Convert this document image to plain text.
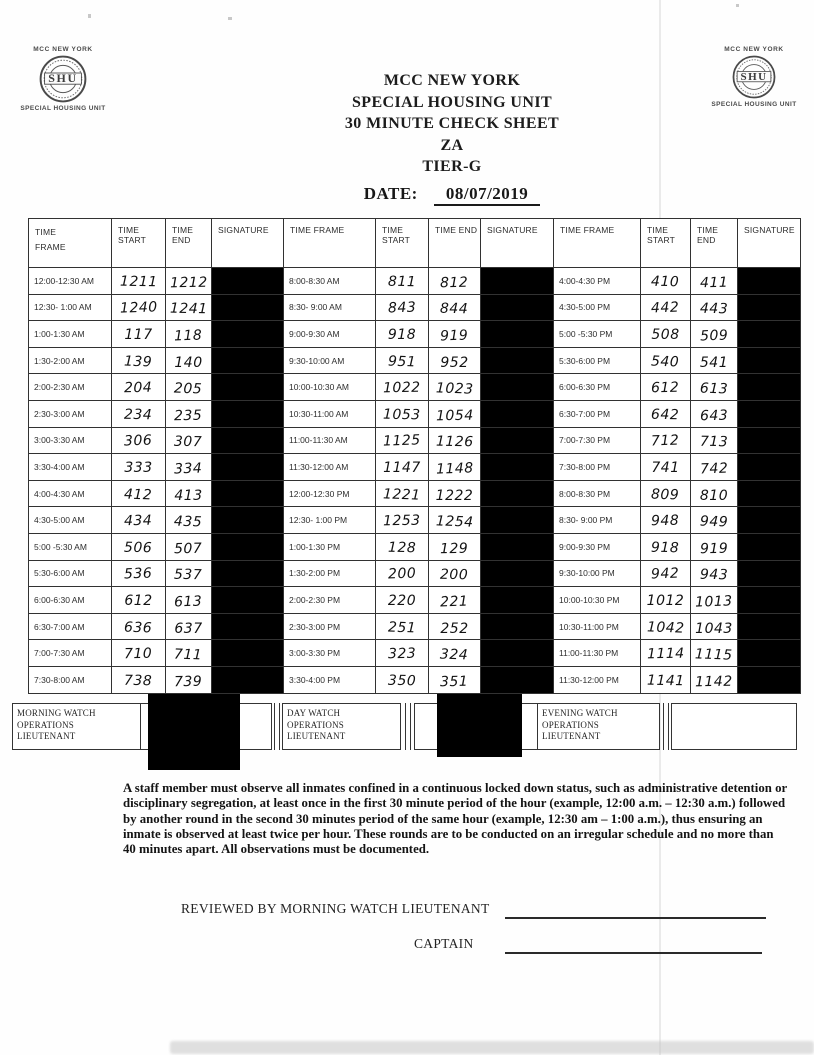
MCC NEW YORK
SHU
SPECIAL HOUSING UNIT
MCC NEW YORK
SHU
SPECIAL HOUSING UNIT
MCC NEW YORK
SPECIAL HOUSING UNIT
30 MINUTE CHECK SHEET
ZA
TIER-G
DATE: 08/07/2019
MORNING WATCH
OPERATIONS
LIEUTENANT
DAY WATCH
OPERATIONS
LIEUTENANT
EVENING WATCH
OPERATIONS
LIEUTENANT

A staff member must observe all inmates confined in a continuous locked down status, such as administrative detention or disciplinary segregation, at least once in the first 30 minute period of the hour (example, 12:00 a.m. – 12:30 a.m.) followed by another round in the second 30 minutes period of the same hour (example, 12:30 am – 1:00 a.m.), thus ensuring an inmate is observed at least twice per hour. These rounds are to be conducted on an irregular schedule and no more than 40 minutes apart. All observations must be documented.

REVIEWED BY MORNING WATCH LIEUTENANT
CAPTAIN
TIME FRAME	TIME START	TIME END	SIGNATURE
12:00-12:30 AM	1211	1212	
12:30- 1:00 AM	1240	1241	
1:00-1:30 AM	117	118	
1:30-2:00 AM	139	140	
2:00-2:30 AM	204	205	
2:30-3:00 AM	234	235	
3:00-3:30 AM	306	307	
3:30-4:00 AM	333	334	
4:00-4:30 AM	412	413	
4:30-5:00 AM	434	435	
5:00 -5:30 AM	506	507	
5:30-6:00 AM	536	537	
6:00-6:30 AM	612	613	
6:30-7:00 AM	636	637	
7:00-7:30 AM	710	711	
7:30-8:00 AM	738	739	
TIME FRAME	TIME START	TIME END	SIGNATURE
8:00-8:30 AM	811	812	
8:30- 9:00 AM	843	844	
9:00-9:30 AM	918	919	
9:30-10:00 AM	951	952	
10:00-10:30 AM	1022	1023	
10:30-11:00 AM	1053	1054	
11:00-11:30 AM	1125	1126	
11:30-12:00 AM	1147	1148	
12:00-12:30 PM	1221	1222	
12:30- 1:00 PM	1253	1254	
1:00-1:30 PM	128	129	
1:30-2:00 PM	200	200	
2:00-2:30 PM	220	221	
2:30-3:00 PM	251	252	
3:00-3:30 PM	323	324	
3:30-4:00 PM	350	351	
TIME FRAME	TIME START	TIME END	SIGNATURE
4:00-4:30 PM	410	411	
4:30-5:00 PM	442	443	
5:00 -5:30 PM	508	509	
5:30-6:00 PM	540	541	
6:00-6:30 PM	612	613	
6:30-7:00 PM	642	643	
7:00-7:30 PM	712	713	
7:30-8:00 PM	741	742	
8:00-8:30 PM	809	810	
8:30- 9:00 PM	948	949	
9:00-9:30 PM	918	919	
9:30-10:00 PM	942	943	
10:00-10:30 PM	1012	1013	
10:30-11:00 PM	1042	1043	
11:00-11:30 PM	1114	1115	
11:30-12:00 PM	1141	1142	
